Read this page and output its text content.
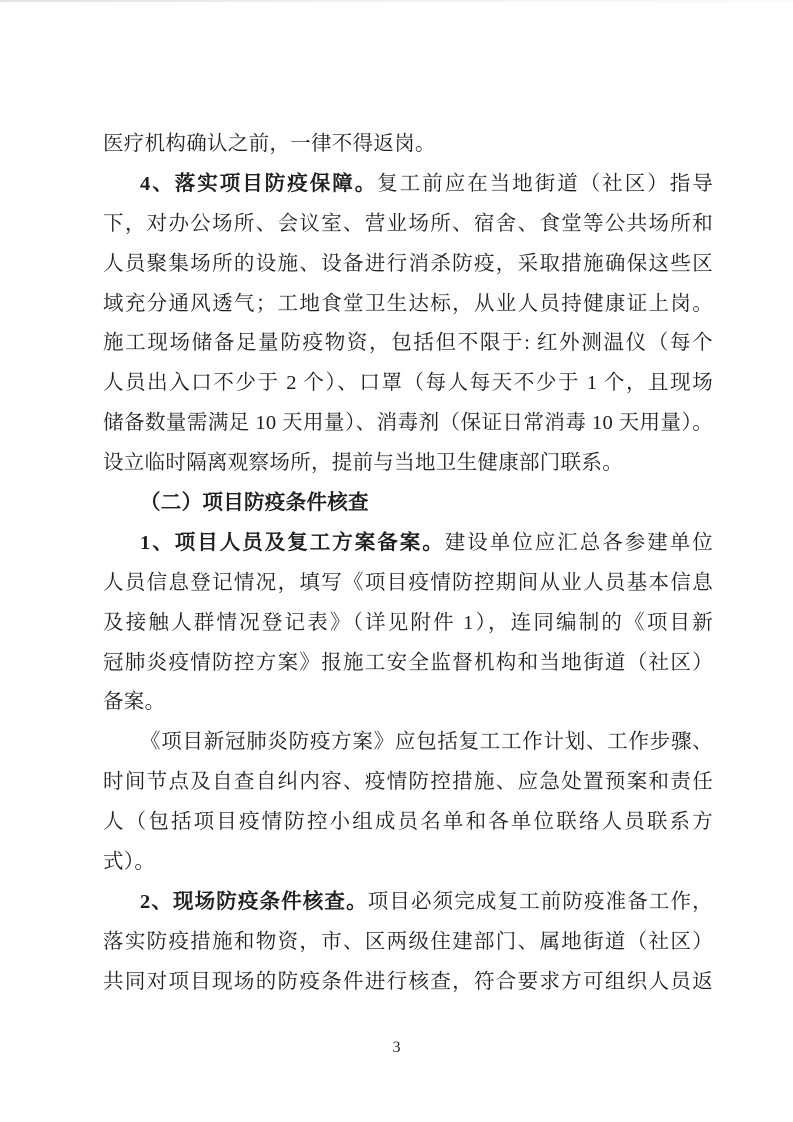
医疗机构确认之前，一律不得返岗。
4、落实项目防疫保障。复工前应在当地街道（社区）指导
下，对办公场所、会议室、营业场所、宿舍、食堂等公共场所和
人员聚集场所的设施、设备进行消杀防疫，采取措施确保这些区
域充分通风透气；工地食堂卫生达标，从业人员持健康证上岗。
施工现场储备足量防疫物资，包括但不限于: 红外测温仪（每个
人员出入口不少于 2 个）、口罩（每人每天不少于 1 个，且现场
储备数量需满足 10 天用量）、消毒剂（保证日常消毒 10 天用量）。
设立临时隔离观察场所，提前与当地卫生健康部门联系。
（二）项目防疫条件核查
1、项目人员及复工方案备案。建设单位应汇总各参建单位
人员信息登记情况，填写《项目疫情防控期间从业人员基本信息
及接触人群情况登记表》（详见附件 1），连同编制的《项目新
冠肺炎疫情防控方案》报施工安全监督机构和当地街道（社区）
备案。
《项目新冠肺炎防疫方案》应包括复工工作计划、工作步骤、
时间节点及自查自纠内容、疫情防控措施、应急处置预案和责任
人（包括项目疫情防控小组成员名单和各单位联络人员联系方
式）。
2、现场防疫条件核查。项目必须完成复工前防疫准备工作，
落实防疫措施和物资，市、区两级住建部门、属地街道（社区）
共同对项目现场的防疫条件进行核查，符合要求方可组织人员返
3
